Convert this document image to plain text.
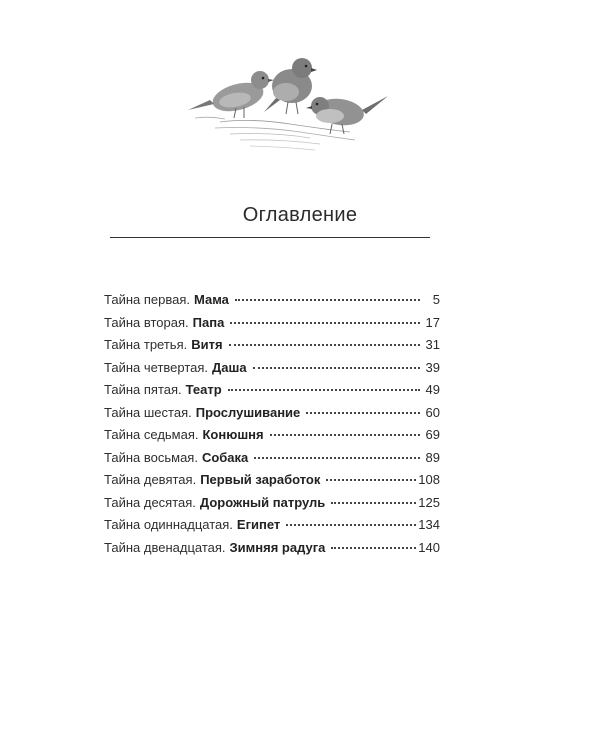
Оглавление
Тайна первая. Мама	5
Тайна вторая. Папа	17
Тайна третья. Витя	31
Тайна четвертая. Даша	39
Тайна пятая. Театр	49
Тайна шестая. Прослушивание	60
Тайна седьмая. Конюшня	69
Тайна восьмая. Собака	89
Тайна девятая. Первый заработок	108
Тайна десятая. Дорожный патруль	125
Тайна одиннадцатая. Египет	134
Тайна двенадцатая. Зимняя радуга	140
